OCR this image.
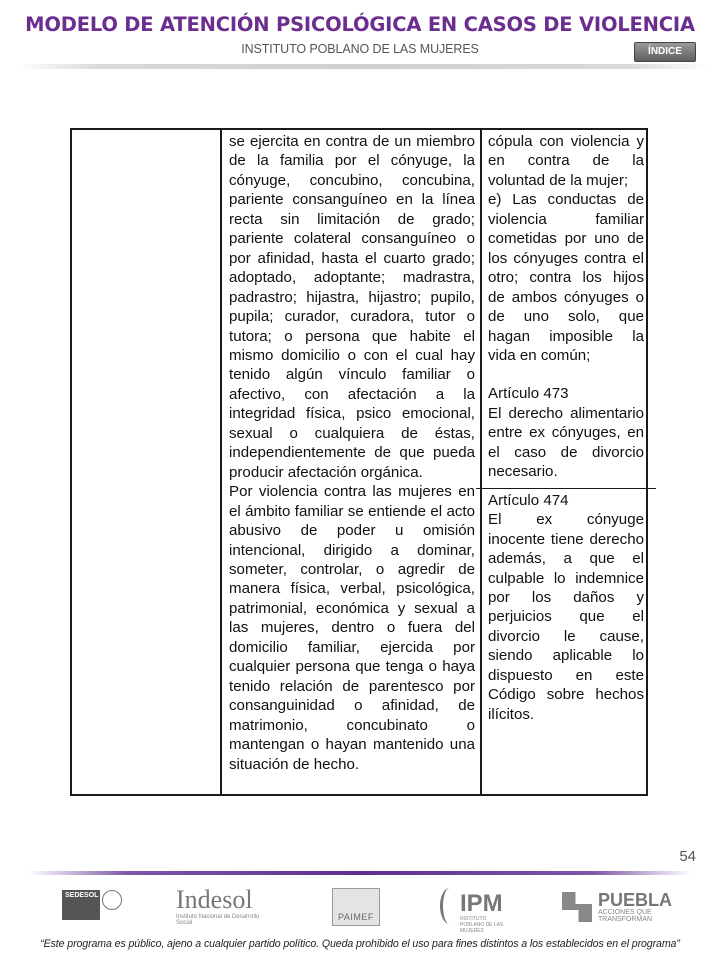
MODELO DE ATENCIÓN PSICOLÓGICA EN CASOS DE VIOLENCIA
INSTITUTO POBLANO DE LAS MUJERES	ÍNDICE

se ejercita en contra de un miembro de la familia por el cónyuge, la cónyuge, concubino, concubina, pariente consanguíneo en la línea recta sin limitación de grado; pariente colateral consanguíneo o por afinidad, hasta el cuarto grado; adoptado, adoptante; madrastra, padrastro; hijastra, hijastro; pupilo, pupila; curador, curadora, tutor o tutora; o persona que habite el mismo domicilio o con el cual hay tenido algún vínculo familiar o afectivo, con afectación a la integridad física, psico emocional, sexual o cualquiera de éstas, independientemente de que pueda producir afectación orgánica.

Por violencia contra las mujeres en el ámbito familiar se entiende el acto abusivo de poder u omisión intencional, dirigido a dominar, someter, controlar, o agredir de manera física, verbal, psicológica, patrimonial, económica y sexual a las mujeres, dentro o fuera del domicilio familiar, ejercida por cualquier persona que tenga o haya tenido relación de parentesco por consanguinidad o afinidad, de matrimonio, concubinato o mantengan o hayan mantenido una situación de hecho.

cópula con violencia y en contra de la voluntad de la mujer;

e) Las conductas de violencia familiar cometidas por uno de los cónyuges contra el otro; contra los hijos de ambos cónyuges o de uno solo, que hagan imposible la vida en común;

Artículo 473

El derecho alimentario entre ex cónyuges, en el caso de divorcio necesario.

Artículo 474

El ex cónyuge inocente tiene derecho además, a que el culpable lo indemnice por los daños y perjuicios que el divorcio le cause, siendo aplicable lo dispuesto en este Código sobre hechos ilícitos.

54
SEDESOL	Indesol
Instituto Nacional de Desarrollo Social
PAIMEF	IPM
INSTITUTO POBLANO DE LAS MUJERES
PUEBLA
ACCIONES QUE TRANSFORMAN
“Este programa es público, ajeno a cualquier partido político. Queda prohibido el uso para fines distintos a los establecidos en el programa”
